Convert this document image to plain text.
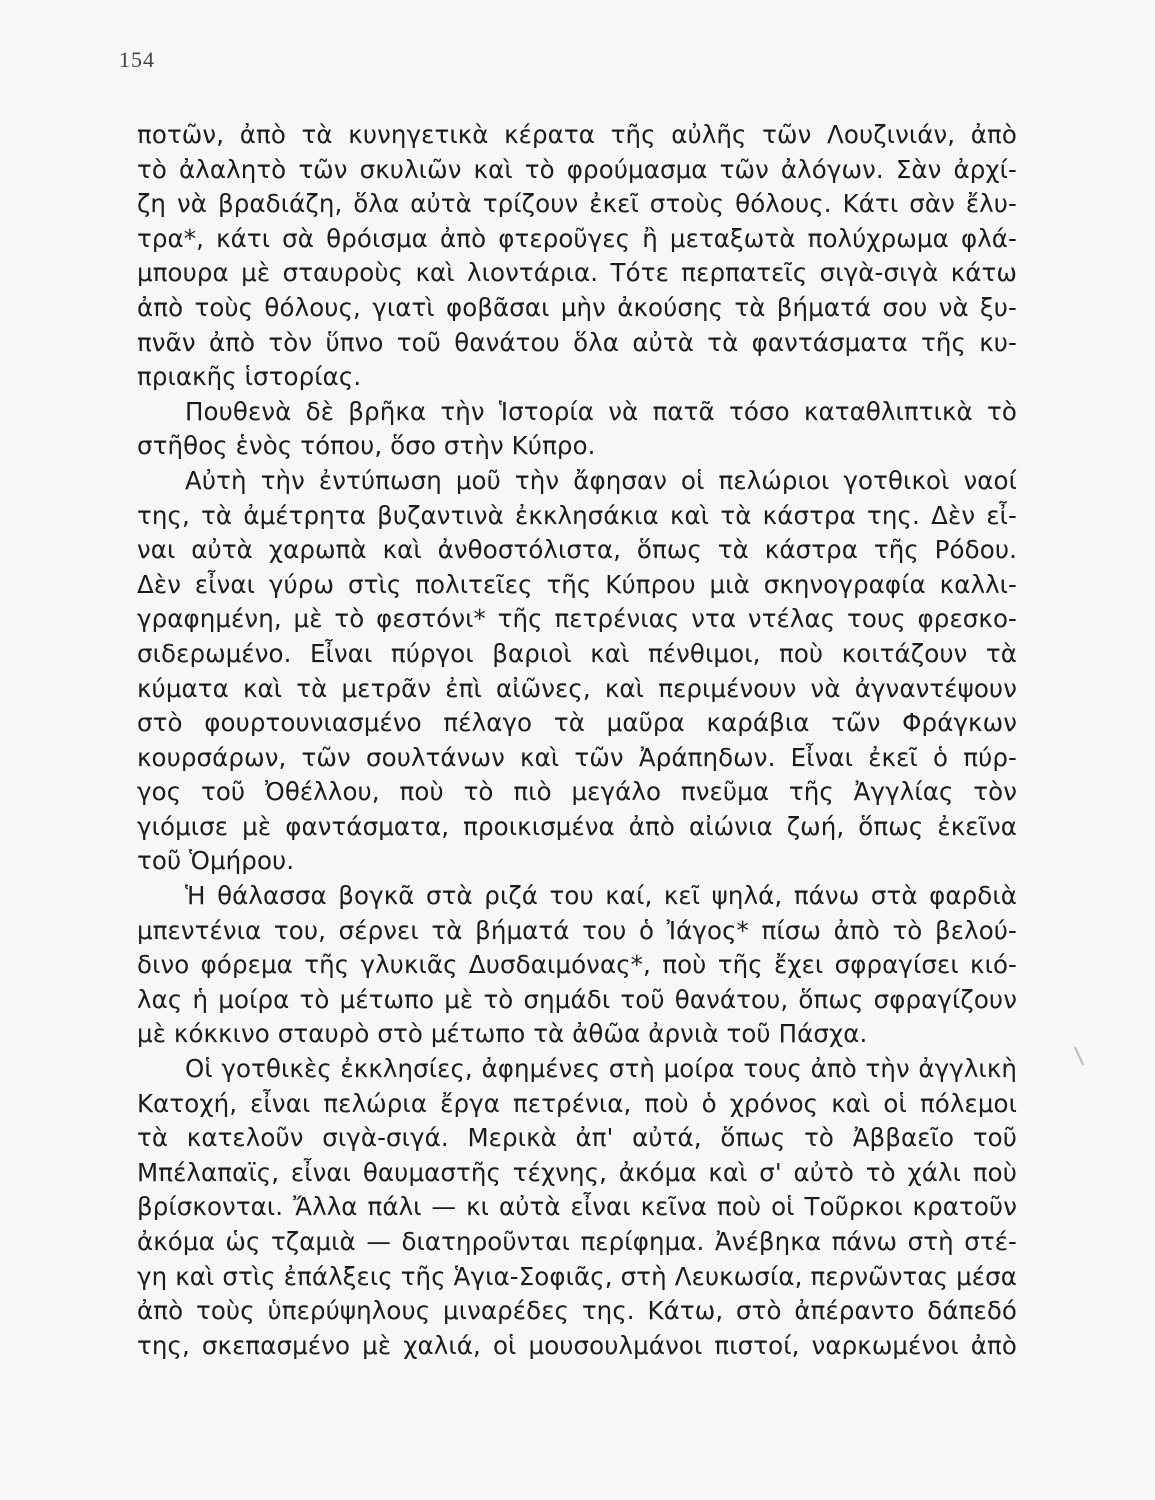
154

ποτῶν, ἀπὸ τὰ κυνηγετικὰ κέρατα τῆς αὐλῆς τῶν Λουζινιάν, ἀπὸ
τὸ ἀλαλητὸ τῶν σκυλιῶν καὶ τὸ φρούμασμα τῶν ἀλόγων. Σὰν ἀρχί-
ζη νὰ βραδιάζη, ὅλα αὐτὰ τρίζουν ἐκεῖ στοὺς θόλους. Κάτι σὰν ἔλυ-
τρα*, κάτι σὰ θρόισμα ἀπὸ φτεροῦγες ἢ μεταξωτὰ πολύχρωμα φλά-
μπουρα μὲ σταυροὺς καὶ λιοντάρια. Τότε περπατεῖς σιγὰ-σιγὰ κάτω
ἀπὸ τοὺς θόλους, γιατὶ φοβᾶσαι μὴν ἀκούσης τὰ βήματά σου νὰ ξυ-
πνᾶν ἀπὸ τὸν ὕπνο τοῦ θανάτου ὅλα αὐτὰ τὰ φαντάσματα τῆς κυ-
πριακῆς ἱστορίας.

Πουθενὰ δὲ βρῆκα τὴν Ἱστορία νὰ πατᾶ τόσο καταθλιπτικὰ τὸ
στῆθος ἑνὸς τόπου, ὅσο στὴν Κύπρο.

Αὐτὴ τὴν ἐντύπωση μοῦ τὴν ἄφησαν οἱ πελώριοι γοτθικοὶ ναοί
της, τὰ ἀμέτρητα βυζαντινὰ ἐκκλησάκια καὶ τὰ κάστρα της. Δὲν εἶ-
ναι αὐτὰ χαρωπὰ καὶ ἀνθοστόλιστα, ὅπως τὰ κάστρα τῆς Ρόδου.
Δὲν εἶναι γύρω στὶς πολιτεῖες τῆς Κύπρου μιὰ σκηνογραφία καλλι-
γραφημένη, μὲ τὸ φεστόνι* τῆς πετρένιας ντα ντέλας τους φρεσκο-
σιδερωμένο. Εἶναι πύργοι βαριοὶ καὶ πένθιμοι, ποὺ κοιτάζουν τὰ
κύματα καὶ τὰ μετρᾶν ἐπὶ αἰῶνες, καὶ περιμένουν νὰ ἀγναντέψουν
στὸ φουρτουνιασμένο πέλαγο τὰ μαῦρα καράβια τῶν Φράγκων
κουρσάρων, τῶν σουλτάνων καὶ τῶν Ἀράπηδων. Εἶναι ἐκεῖ ὁ πύρ-
γος τοῦ Ὀθέλλου, ποὺ τὸ πιὸ μεγάλο πνεῦμα τῆς Ἀγγλίας τὸν
γιόμισε μὲ φαντάσματα, προικισμένα ἀπὸ αἰώνια ζωή, ὅπως ἐκεῖνα
τοῦ Ὁμήρου.

Ἡ θάλασσα βογκᾶ στὰ ριζά του καί, κεῖ ψηλά, πάνω στὰ φαρδιὰ
μπεντένια του, σέρνει τὰ βήματά του ὁ Ἰάγος* πίσω ἀπὸ τὸ βελού-
δινο φόρεμα τῆς γλυκιᾶς Δυσδαιμόνας*, ποὺ τῆς ἔχει σφραγίσει κιό-
λας ἡ μοίρα τὸ μέτωπο μὲ τὸ σημάδι τοῦ θανάτου, ὅπως σφραγίζουν
μὲ κόκκινο σταυρὸ στὸ μέτωπο τὰ ἀθῶα ἀρνιὰ τοῦ Πάσχα.

Οἱ γοτθικὲς ἐκκλησίες, ἀφημένες στὴ μοίρα τους ἀπὸ τὴν ἀγγλικὴ
Κατοχή, εἶναι πελώρια ἔργα πετρένια, ποὺ ὁ χρόνος καὶ οἱ πόλεμοι
τὰ κατελοῦν σιγὰ-σιγά. Μερικὰ ἀπ' αὐτά, ὅπως τὸ Ἀββαεῖο τοῦ
Μπέλαπαϊς, εἶναι θαυμαστῆς τέχνης, ἀκόμα καὶ σ' αὐτὸ τὸ χάλι ποὺ
βρίσκονται. Ἄλλα πάλι — κι αὐτὰ εἶναι κεῖνα ποὺ οἱ Τοῦρκοι κρατοῦν
ἀκόμα ὡς τζαμιὰ — διατηροῦνται περίφημα. Ἀνέβηκα πάνω στὴ στέ-
γη καὶ στὶς ἐπάλξεις τῆς Ἁγια-Σοφιᾶς, στὴ Λευκωσία, περνῶντας μέσα
ἀπὸ τοὺς ὑπερύψηλους μιναρέδες της. Κάτω, στὸ ἀπέραντο δάπεδό
της, σκεπασμένο μὲ χαλιά, οἱ μουσουλμάνοι πιστοί, ναρκωμένοι ἀπὸ
